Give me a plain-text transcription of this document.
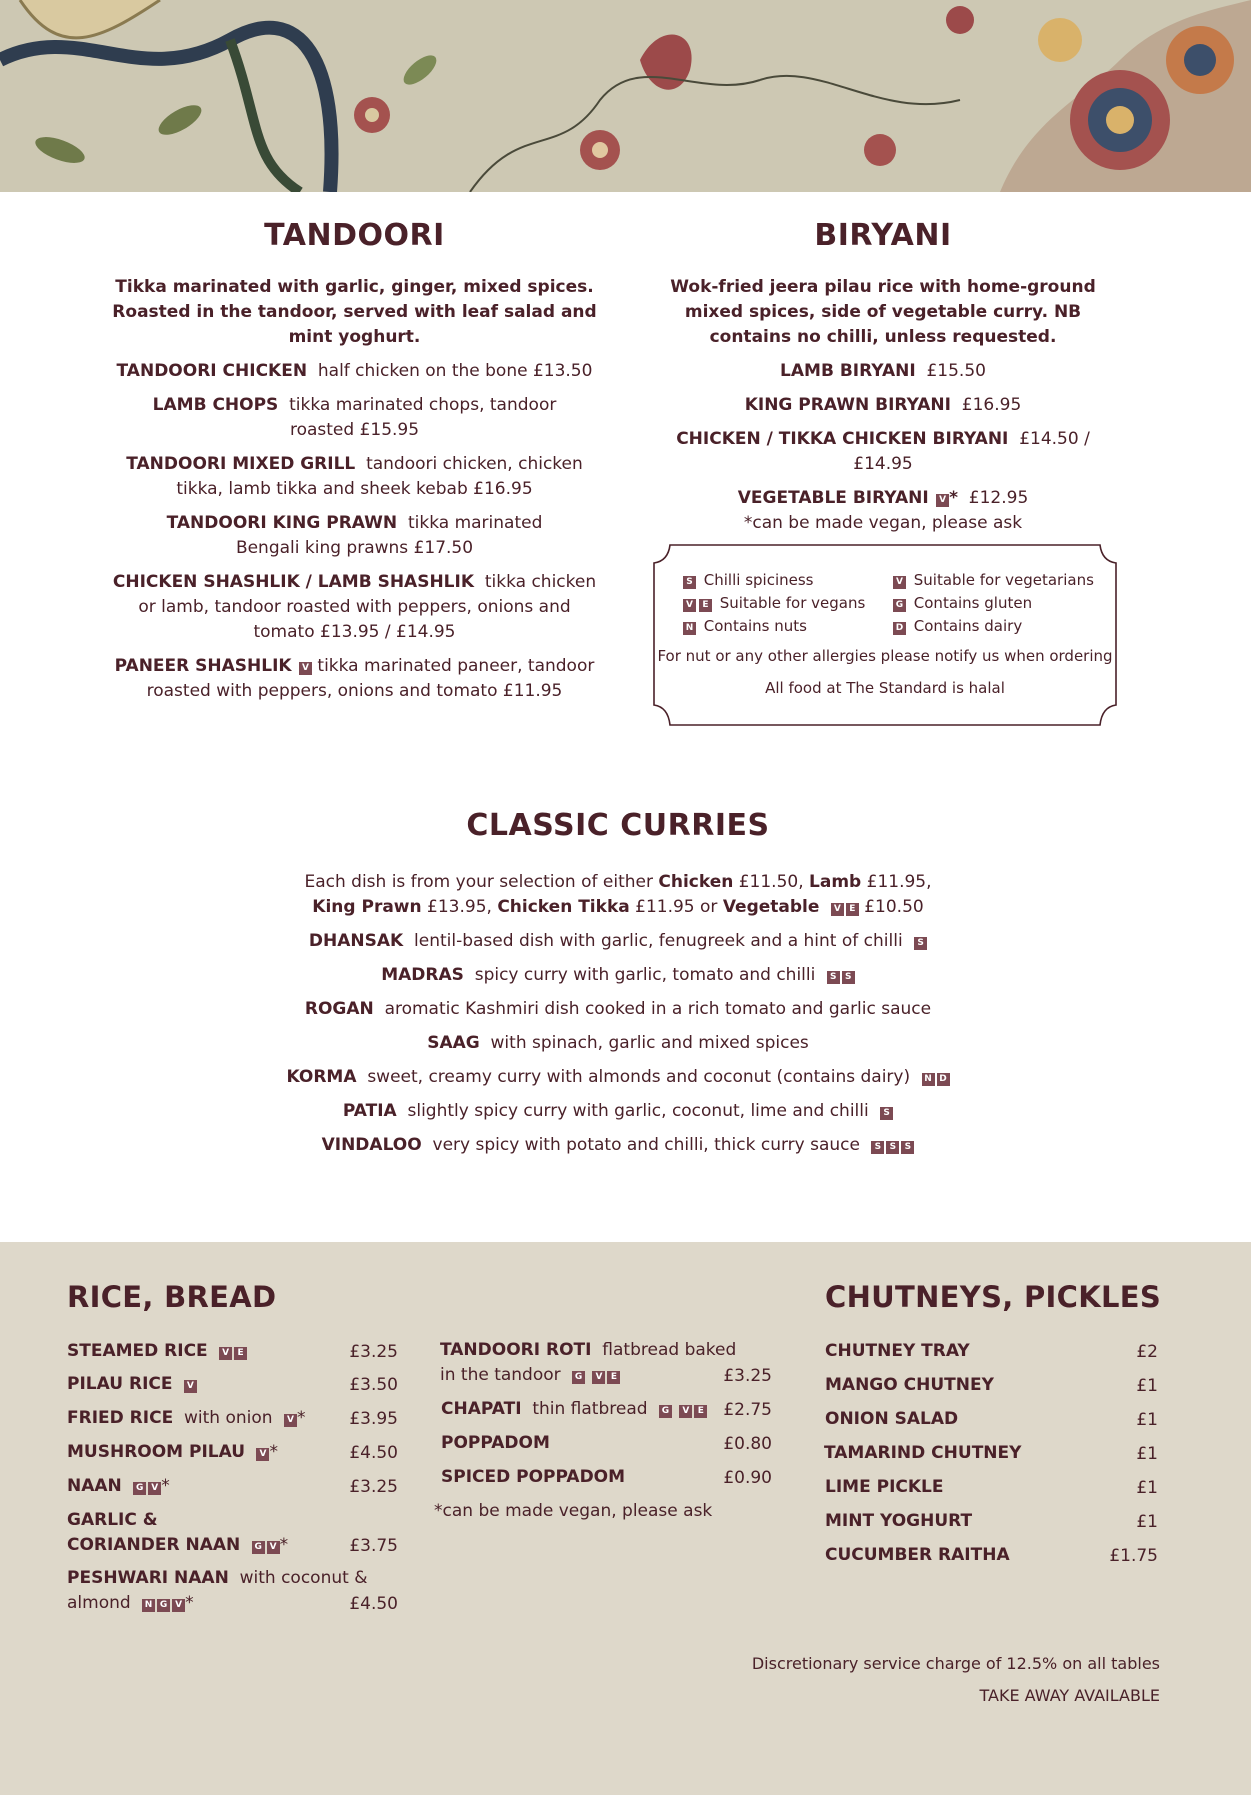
TANDOORI
Tikka marinated with garlic, ginger, mixed spices. Roasted in the tandoor, served with leaf salad and mint yoghurt.
TANDOORI CHICKEN half chicken on the bone £13.50
LAMB CHOPS tikka marinated chops, tandoor roasted £15.95
TANDOORI MIXED GRILL tandoori chicken, chicken tikka, lamb tikka and sheek kebab £16.95
TANDOORI KING PRAWN tikka marinated Bengali king prawns £17.50
CHICKEN SHASHLIK / LAMB SHASHLIK tikka chicken or lamb, tandoor roasted with peppers, onions and tomato £13.95 / £14.95
PANEER SHASHLIK V tikka marinated paneer, tandoor roasted with peppers, onions and tomato £11.95
BIRYANI
Wok-fried jeera pilau rice with home-ground mixed spices, side of vegetable curry. NB contains no chilli, unless requested.
LAMB BIRYANI £15.50
KING PRAWN BIRYANI £16.95
CHICKEN / TIKKA CHICKEN BIRYANI £14.50 / £14.95
VEGETABLE BIRYANI V * £12.95
*can be made vegan, please ask
S Chilli spiciness	V Suitable for vegetarians
V E Suitable for vegans	G Contains gluten
N Contains nuts	D Contains dairy
For nut or any other allergies please notify us when ordering
All food at The Standard is halal
CLASSIC CURRIES
Each dish is from your selection of either Chicken £11.50, Lamb £11.95,
King Prawn £13.95, Chicken Tikka £11.95 or Vegetable V E £10.50
DHANSAK lentil-based dish with garlic, fenugreek and a hint of chilli S
MADRAS spicy curry with garlic, tomato and chilli S S
ROGAN aromatic Kashmiri dish cooked in a rich tomato and garlic sauce
SAAG with spinach, garlic and mixed spices
KORMA sweet, creamy curry with almonds and coconut (contains dairy) N D
PATIA slightly spicy curry with garlic, coconut, lime and chilli S
VINDALOO very spicy with potato and chilli, thick curry sauce S S S
RICE, BREAD
STEAMED RICE V E	£3.25
PILAU RICE V	£3.50
FRIED RICE with onion V *	£3.95
MUSHROOM PILAU V *	£4.50
NAAN G V *	£3.25
GARLIC &
CORIANDER NAAN G V *	£3.75
PESHWARI NAAN with coconut &
almond N G V *	£4.50
TANDOORI ROTI flatbread baked
in the tandoor G V E	£3.25
CHAPATI thin flatbread G V E	£2.75
POPPADOM	£0.80
SPICED POPPADOM	£0.90
*can be made vegan, please ask
CHUTNEYS, PICKLES
CHUTNEY TRAY	£2
MANGO CHUTNEY	£1
ONION SALAD	£1
TAMARIND CHUTNEY	£1
LIME PICKLE	£1
MINT YOGHURT	£1
CUCUMBER RAITHA	£1.75
Discretionary service charge of 12.5% on all tables
TAKE AWAY AVAILABLE
